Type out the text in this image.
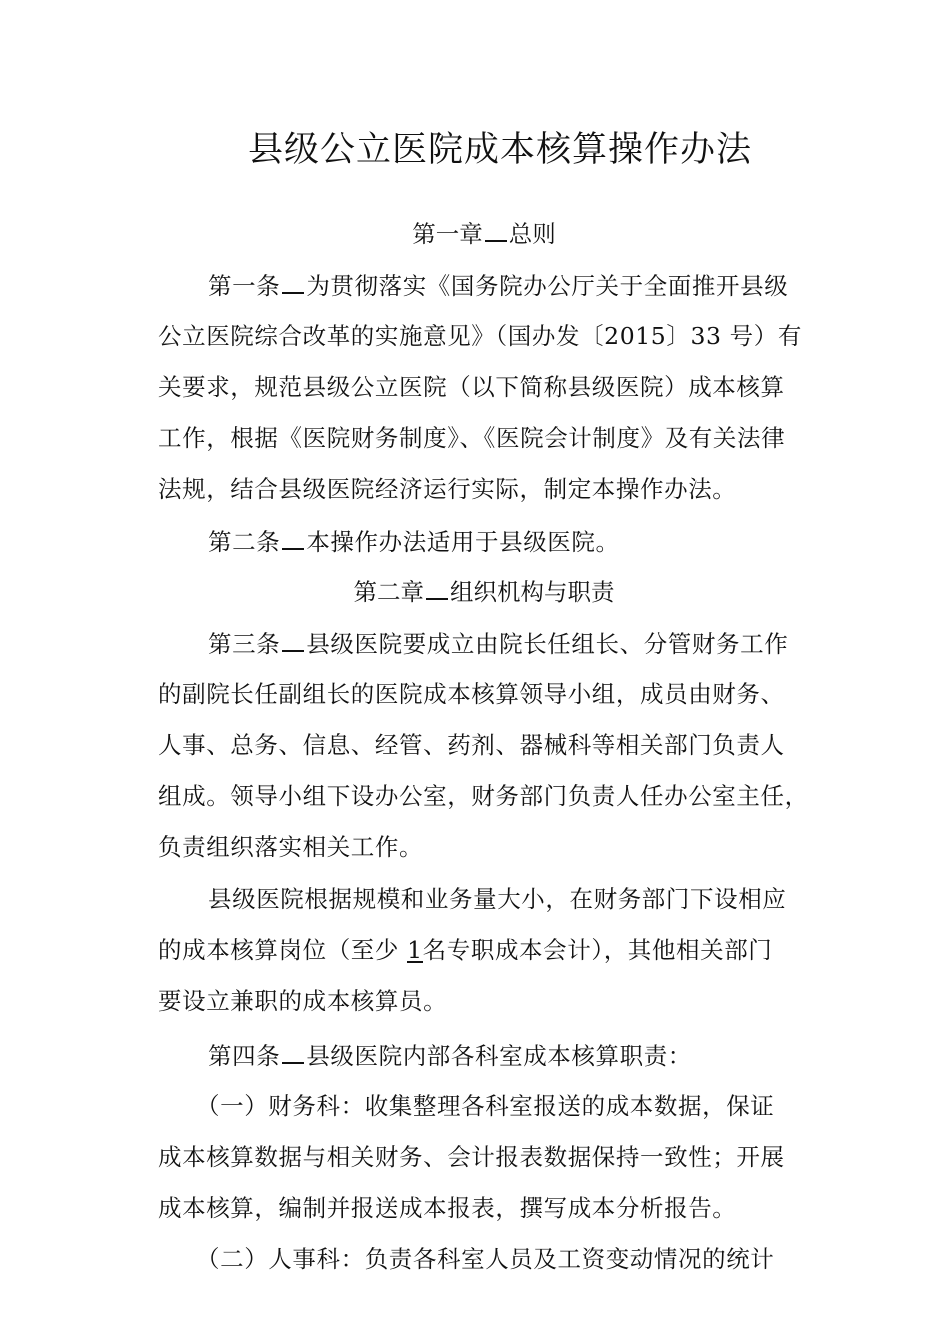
县级公立医院成本核算操作办法
第一章 总则
第一条 为贯彻落实《国务院办公厅关于全面推开县级
公立医院综合改革的实施意见》（国办发〔2015〕33 号）有
关要求，规范县级公立医院（以下简称县级医院）成本核算
工作，根据《医院财务制度》、《医院会计制度》及有关法律
法规，结合县级医院经济运行实际，制定本操作办法。
第二条 本操作办法适用于县级医院。
第二章 组织机构与职责
第三条 县级医院要成立由院长任组长、分管财务工作
的副院长任副组长的医院成本核算领导小组，成员由财务、
人事、总务、信息、经管、药剂、器械科等相关部门负责人
组成。领导小组下设办公室，财务部门负责人任办公室主任，
负责组织落实相关工作。
县级医院根据规模和业务量大小，在财务部门下设相应
的成本核算岗位（至少 1名专职成本会计），其他相关部门
要设立兼职的成本核算员。
第四条 县级医院内部各科室成本核算职责：
（一）财务科：收集整理各科室报送的成本数据，保证
成本核算数据与相关财务、会计报表数据保持一致性；开展
成本核算，编制并报送成本报表，撰写成本分析报告。
（二）人事科：负责各科室人员及工资变动情况的统计
